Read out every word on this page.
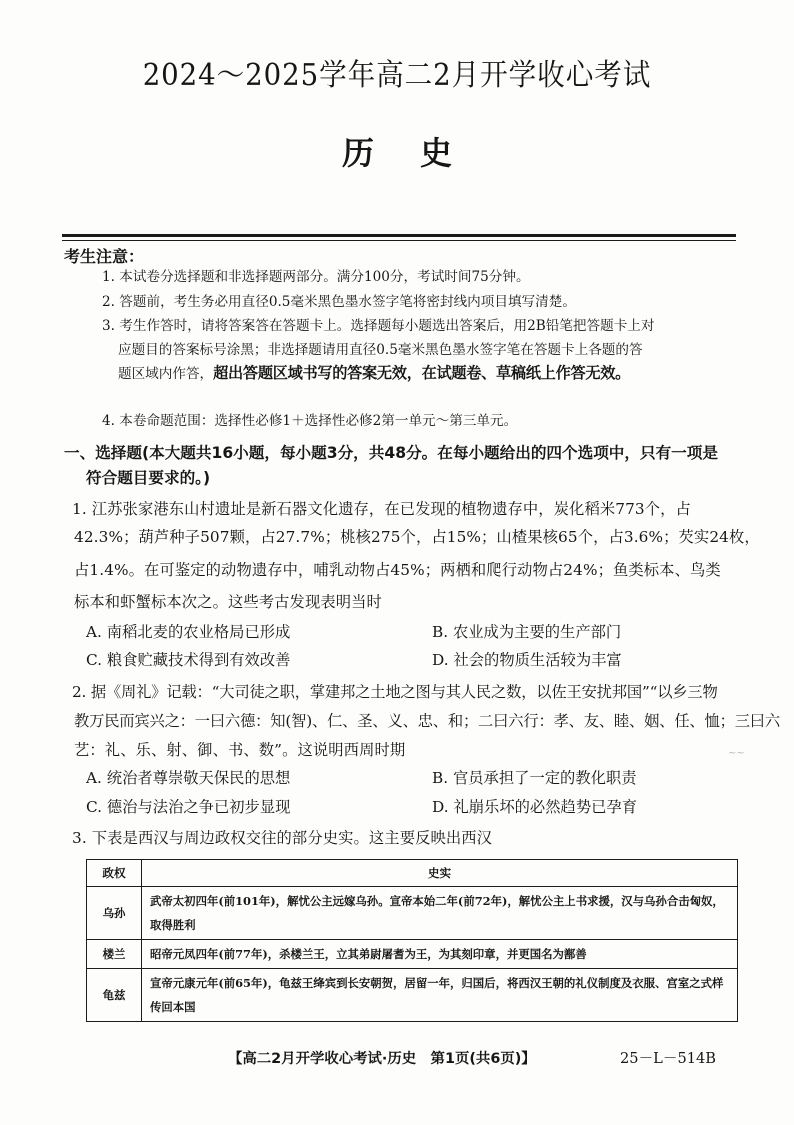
2024～2025学年高二2月开学收心考试
历史
考生注意：
1. 本试卷分选择题和非选择题两部分。满分100分，考试时间75分钟。
2. 答题前，考生务必用直径0.5毫米黑色墨水签字笔将密封线内项目填写清楚。
3. 考生作答时，请将答案答在答题卡上。选择题每小题选出答案后，用2B铅笔把答题卡上对
应题目的答案标号涂黑；非选择题请用直径0.5毫米黑色墨水签字笔在答题卡上各题的答
题区域内作答，超出答题区域书写的答案无效，在试题卷、草稿纸上作答无效。
4. 本卷命题范围：选择性必修1＋选择性必修2第一单元～第三单元。
一、选择题(本大题共16小题，每小题3分，共48分。在每小题给出的四个选项中，只有一项是
符合题目要求的。)
1. 江苏张家港东山村遗址是新石器文化遗存，在已发现的植物遗存中，炭化稻米773个，占
42.3%；葫芦种子507颗，占27.7%；桃核275个，占15%；山楂果核65个，占3.6%；芡实24枚，
占1.4%。在可鉴定的动物遗存中，哺乳动物占45%；两栖和爬行动物占24%；鱼类标本、鸟类
标本和虾蟹标本次之。这些考古发现表明当时
A. 南稻北麦的农业格局已形成	B. 农业成为主要的生产部门
C. 粮食贮藏技术得到有效改善	D. 社会的物质生活较为丰富
2. 据《周礼》记载：“大司徒之职，掌建邦之土地之图与其人民之数，以佐王安扰邦国”“以乡三物
教万民而宾兴之：一曰六德：知(智)、仁、圣、义、忠、和；二曰六行：孝、友、睦、姻、任、恤；三曰六
艺：礼、乐、射、御、书、数”。这说明西周时期	~~
A. 统治者尊崇敬天保民的思想	B. 官员承担了一定的教化职责
C. 德治与法治之争已初步显现	D. 礼崩乐坏的必然趋势已孕育
3. 下表是西汉与周边政权交往的部分史实。这主要反映出西汉
政权	史实
乌孙	武帝太初四年(前101年)，解忧公主远嫁乌孙。宣帝本始二年(前72年)，解忧公主上书求援，汉与乌孙合击匈奴，取得胜利
楼兰	昭帝元凤四年(前77年)，杀楼兰王，立其弟尉屠耆为王，为其刻印章，并更国名为鄯善
龟兹	宣帝元康元年(前65年)，龟兹王绛宾到长安朝贺，居留一年，归国后，将西汉王朝的礼仪制度及衣服、宫室之式样传回本国
【高二2月开学收心考试·历史　第1页(共6页)】	25－L－514B
